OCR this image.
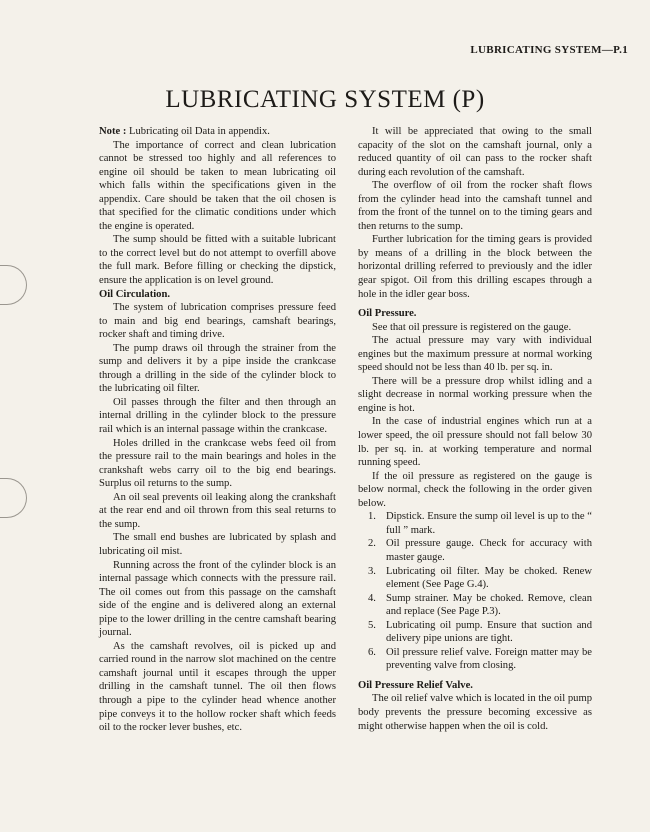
LUBRICATING SYSTEM—P.1
LUBRICATING SYSTEM (P)

Note : Lubricating oil Data in appendix.

The importance of correct and clean lubrication cannot be stressed too highly and all references to engine oil should be taken to mean lubricating oil which falls within the specifications given in the appendix. Care should be taken that the oil chosen is that specified for the climatic conditions under which the engine is operated.

The sump should be fitted with a suitable lubricant to the correct level but do not attempt to overfill above the full mark. Before filling or checking the dipstick, ensure the application is on level ground.

Oil Circulation.

The system of lubrication comprises pressure feed to main and big end bearings, camshaft bearings, rocker shaft and timing drive.

The pump draws oil through the strainer from the sump and delivers it by a pipe inside the crankcase through a drilling in the side of the cylinder block to the lubricating oil filter.

Oil passes through the filter and then through an internal drilling in the cylinder block to the pressure rail which is an internal passage within the crankcase.

Holes drilled in the crankcase webs feed oil from the pressure rail to the main bearings and holes in the crankshaft webs carry oil to the big end bearings. Surplus oil returns to the sump.

An oil seal prevents oil leaking along the crankshaft at the rear end and oil thrown from this seal returns to the sump.

The small end bushes are lubricated by splash and lubricating oil mist.

Running across the front of the cylinder block is an internal passage which connects with the pressure rail. The oil comes out from this passage on the camshaft side of the engine and is delivered along an external pipe to the lower drilling in the centre camshaft bearing journal.

As the camshaft revolves, oil is picked up and carried round in the narrow slot machined on the centre camshaft journal until it escapes through the upper drilling in the camshaft tunnel. The oil then flows through a pipe to the cylinder head whence another pipe conveys it to the hollow rocker shaft which feeds oil to the rocker lever bushes, etc.

It will be appreciated that owing to the small capacity of the slot on the camshaft journal, only a reduced quantity of oil can pass to the rocker shaft during each revolution of the camshaft.

The overflow of oil from the rocker shaft flows from the cylinder head into the camshaft tunnel and from the front of the tunnel on to the timing gears and then returns to the sump.

Further lubrication for the timing gears is provided by means of a drilling in the block between the horizontal drilling referred to previously and the idler gear spigot. Oil from this drilling escapes through a hole in the idler gear boss.

Oil Pressure.

See that oil pressure is registered on the gauge.

The actual pressure may vary with individual engines but the maximum pressure at normal working speed should not be less than 40 lb. per sq. in.

There will be a pressure drop whilst idling and a slight decrease in normal working pressure when the engine is hot.

In the case of industrial engines which run at a lower speed, the oil pressure should not fall below 30 lb. per sq. in. at working temperature and normal running speed.

If the oil pressure as registered on the gauge is below normal, check the following in the order given below.

1. Dipstick. Ensure the sump oil level is up to the “ full ” mark.
2. Oil pressure gauge. Check for accuracy with master gauge.
3. Lubricating oil filter. May be choked. Renew element (See Page G.4).
4. Sump strainer. May be choked. Remove, clean and replace (See Page P.3).
5. Lubricating oil pump. Ensure that suction and delivery pipe unions are tight.
6. Oil pressure relief valve. Foreign matter may be preventing valve from closing.
Oil Pressure Relief Valve.

The oil relief valve which is located in the oil pump body prevents the pressure becoming excessive as might otherwise happen when the oil is cold.
